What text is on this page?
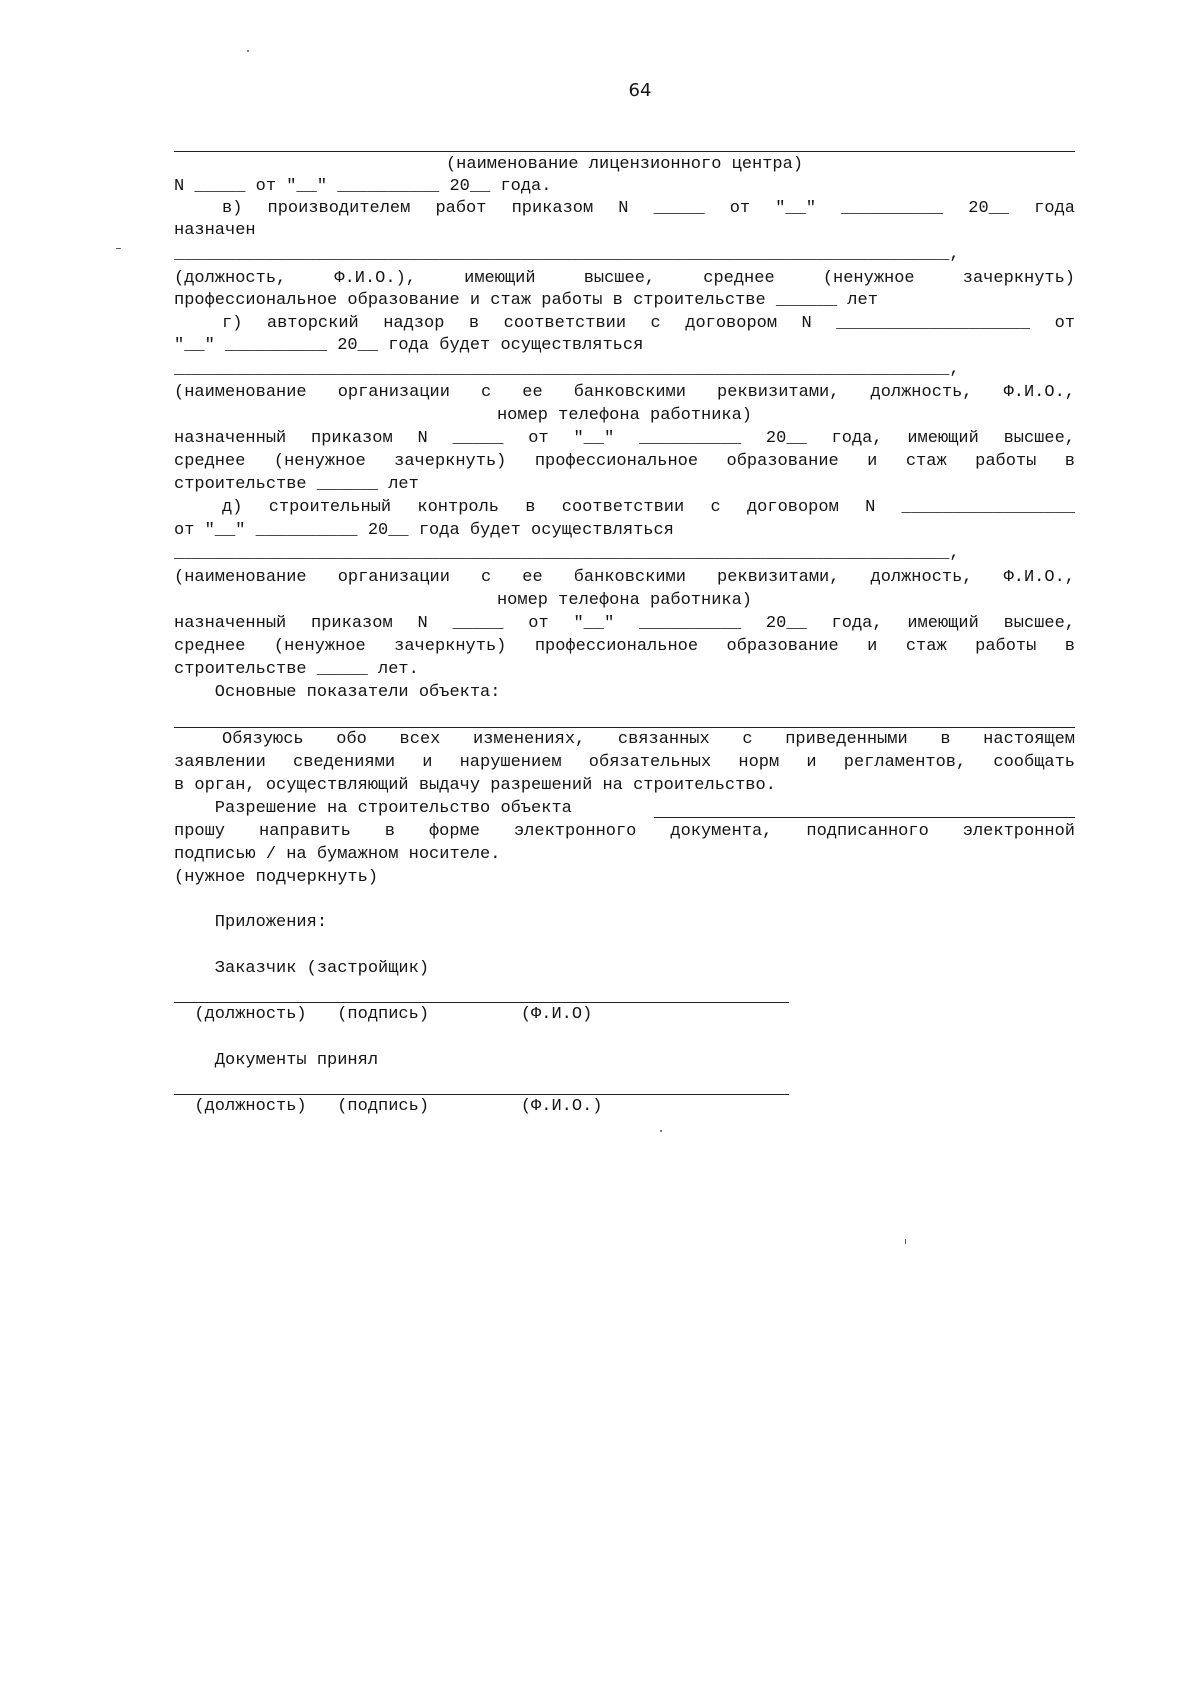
64

(наименование лицензионного центра)

N _____ от "__" __________ 20__ года.

в) производителем работ приказом N _____ от "__" __________ 20__ года

назначен

____________________________________________________________________________,

(должность, Ф.И.О.), имеющий высшее, среднее (ненужное зачеркнуть)

профессиональное образование и стаж работы в строительстве ______ лет

г) авторский надзор в соответствии с договором N ___________________ от

"__" __________ 20__ года будет осуществляться

____________________________________________________________________________,

(наименование организации с ее банковскими реквизитами, должность, Ф.И.О.,

номер телефона работника)

назначенный приказом N _____ от "__" __________ 20__ года, имеющий высшее,

среднее (ненужное зачеркнуть) профессиональное образование и стаж работы в

строительстве ______ лет

д) строительный контроль в соответствии с договором N _________________

от "__" __________ 20__ года будет осуществляться

____________________________________________________________________________,

(наименование организации с ее банковскими реквизитами, должность, Ф.И.О.,

номер телефона работника)

назначенный приказом N _____ от "__" __________ 20__ года, имеющий высшее,

среднее (ненужное зачеркнуть) профессиональное образование и стаж работы в

строительстве _____ лет.

Основные показатели объекта:

Обязуюсь обо всех изменениях, связанных с приведенными в настоящем

заявлении сведениями и нарушением обязательных норм и регламентов, сообщать

в орган, осуществляющий выдачу разрешений на строительство.

Разрешение на строительство объекта

прошу направить в форме электронного документа, подписанного электронной

подписью / на бумажном носителе.

(нужное подчеркнуть)

Приложения:

Заказчик (застройщик)

(должность)   (подпись)         (Ф.И.О)

Документы принял

(должность)   (подпись)         (Ф.И.О.)
